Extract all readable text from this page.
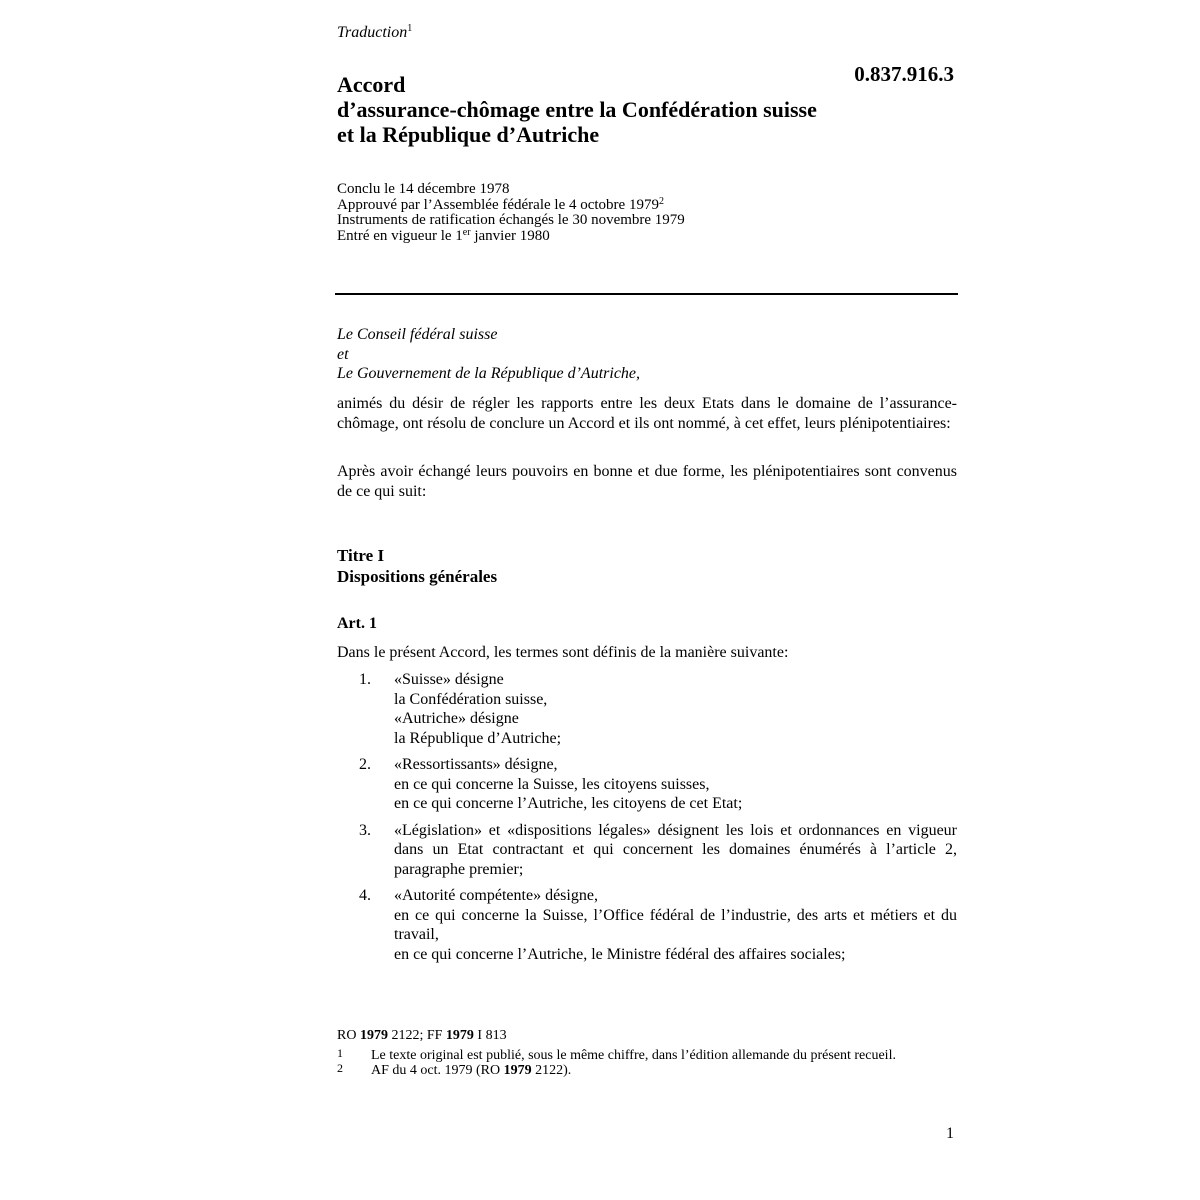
Traduction$^1$
0.837.916.3
Accord
d’assurance-chômage entre la Confédération suisse
et la République d’Autriche
Conclu le 14 décembre 1978
Approuvé par l’Assemblée fédérale le 4 octobre 1979$^2$
Instruments de ratification échangés le 30 novembre 1979
Entré en vigueur le 1er janvier 1980
Le Conseil fédéral suisse
et
Le Gouvernement de la République d’Autriche,
animés du désir de régler les rapports entre les deux Etats dans le domaine de l’assurance-chômage, ont résolu de conclure un Accord et ils ont nommé, à cet effet, leurs plénipotentiaires:
Après avoir échangé leurs pouvoirs en bonne et due forme, les plénipotentiaires sont convenus de ce qui suit:
Titre I
Dispositions générales
Art. 1
Dans le présent Accord, les termes sont définis de la manière suivante:
1. «Suisse» désigne
la Confédération suisse,
«Autriche» désigne
la République d’Autriche;
2. «Ressortissants» désigne,
en ce qui concerne la Suisse, les citoyens suisses,
en ce qui concerne l’Autriche, les citoyens de cet Etat;
3. «Législation» et «dispositions légales» désignent les lois et ordonnances en vigueur dans un Etat contractant et qui concernent les domaines énumérés à l’article 2, paragraphe premier;
4. «Autorité compétente» désigne,
en ce qui concerne la Suisse, l’Office fédéral de l’industrie, des arts et métiers et du travail,
en ce qui concerne l’Autriche, le Ministre fédéral des affaires sociales;
RO 1979 2122; FF 1979 I 813
1 Le texte original est publié, sous le même chiffre, dans l’édition allemande du présent recueil.
2 AF du 4 oct. 1979 (RO 1979 2122).
1
